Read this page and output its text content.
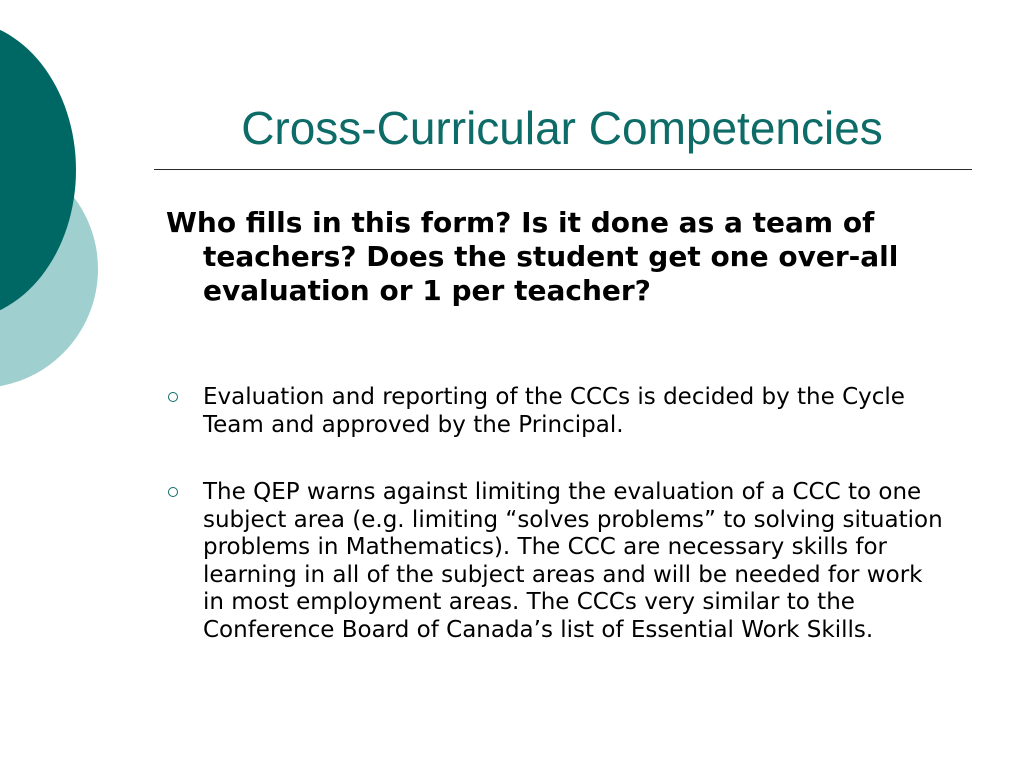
Cross-Curricular Competencies

Who fills in this form? Is it done as a team of teachers? Does the student get one over-all evaluation or 1 per teacher?

Evaluation and reporting of the CCCs is decided by the Cycle Team and approved by the Principal.
The QEP warns against limiting the evaluation of a CCC to one subject area (e.g. limiting “solves problems” to solving situation problems in Mathematics). The CCC are necessary skills for learning in all of the subject areas and will be needed for work in most employment areas. The CCCs very similar to the Conference Board of Canada’s list of Essential Work Skills.
